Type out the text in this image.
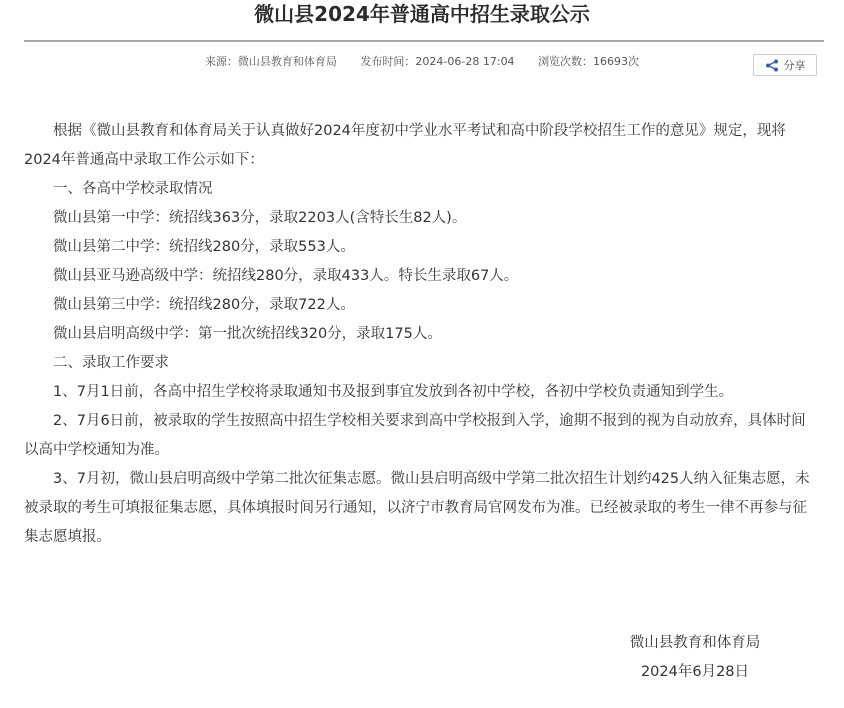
微山县2024年普通高中招生录取公示
来源：微山县教育和体育局 发布时间：2024-06-28 17:04 浏览次数：16693次	分享

根据《微山县教育和体育局关于认真做好2024年度初中学业水平考试和高中阶段学校招生工作的意见》规定，现将2024年普通高中录取工作公示如下：

一、各高中学校录取情况

微山县第一中学：统招线363分，录取2203人(含特长生82人)。

微山县第二中学：统招线280分，录取553人。

微山县亚马逊高级中学：统招线280分，录取433人。特长生录取67人。

微山县第三中学：统招线280分，录取722人。

微山县启明高级中学：第一批次统招线320分，录取175人。

二、录取工作要求

1、7月1日前，各高中招生学校将录取通知书及报到事宜发放到各初中学校，各初中学校负责通知到学生。

2、7月6日前，被录取的学生按照高中招生学校相关要求到高中学校报到入学，逾期不报到的视为自动放弃，具体时间以高中学校通知为准。

3、7月初，微山县启明高级中学第二批次征集志愿。微山县启明高级中学第二批次招生计划约425人纳入征集志愿，未被录取的考生可填报征集志愿，具体填报时间另行通知，以济宁市教育局官网发布为准。已经被录取的考生一律不再参与征集志愿填报。

微山县教育和体育局
2024年6月28日
